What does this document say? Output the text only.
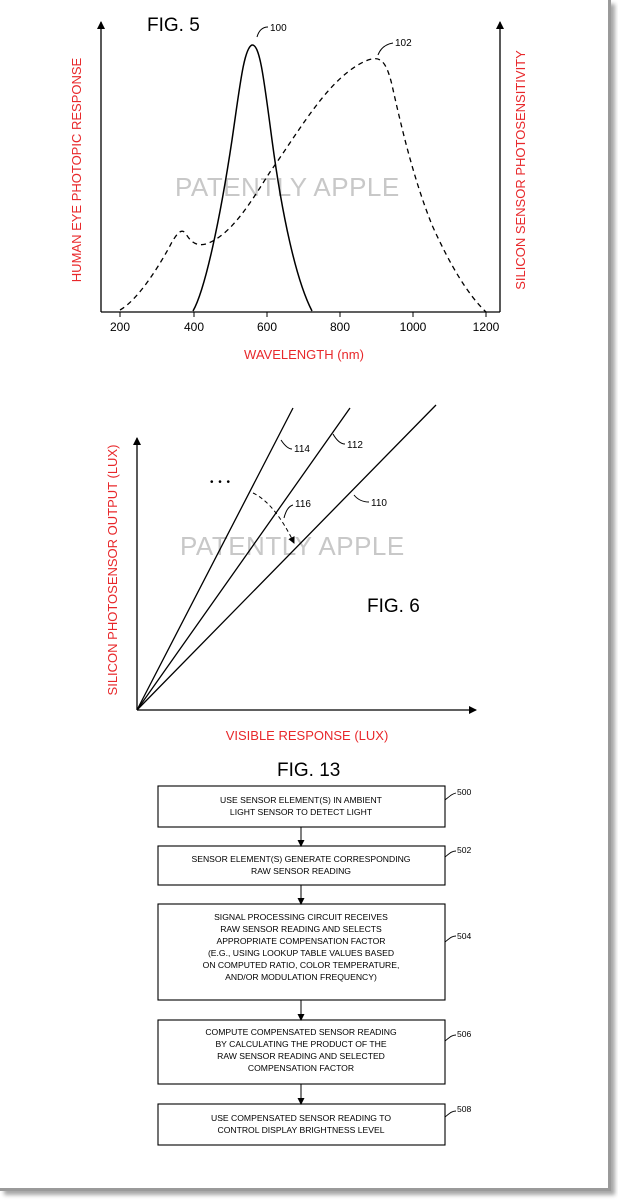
FIG. 5
200	400	600	800	1000	1200
PATENTLY APPLE
100
102
HUMAN EYE PHOTOPIC RESPONSE	SILICON SENSOR PHOTOSENSITIVITY
WAVELENGTH (nm)
PATENTLY APPLE
114	112
110
116
• • •
FIG. 6
SILICON PHOTOSENSOR OUTPUT (LUX)
VISIBLE RESPONSE (LUX)
FIG. 13
USE SENSOR ELEMENT(S) IN AMBIENT
LIGHT SENSOR TO DETECT LIGHT
500
SENSOR ELEMENT(S) GENERATE CORRESPONDING
RAW SENSOR READING
502
SIGNAL PROCESSING CIRCUIT RECEIVES
RAW SENSOR READING AND SELECTS
APPROPRIATE COMPENSATION FACTOR
(E.G., USING LOOKUP TABLE VALUES BASED
ON COMPUTED RATIO, COLOR TEMPERATURE,
AND/OR MODULATION FREQUENCY)
504
COMPUTE COMPENSATED SENSOR READING
BY CALCULATING THE PRODUCT OF THE
RAW SENSOR READING AND SELECTED
COMPENSATION FACTOR
506
USE COMPENSATED SENSOR READING TO
CONTROL DISPLAY BRIGHTNESS LEVEL
508
